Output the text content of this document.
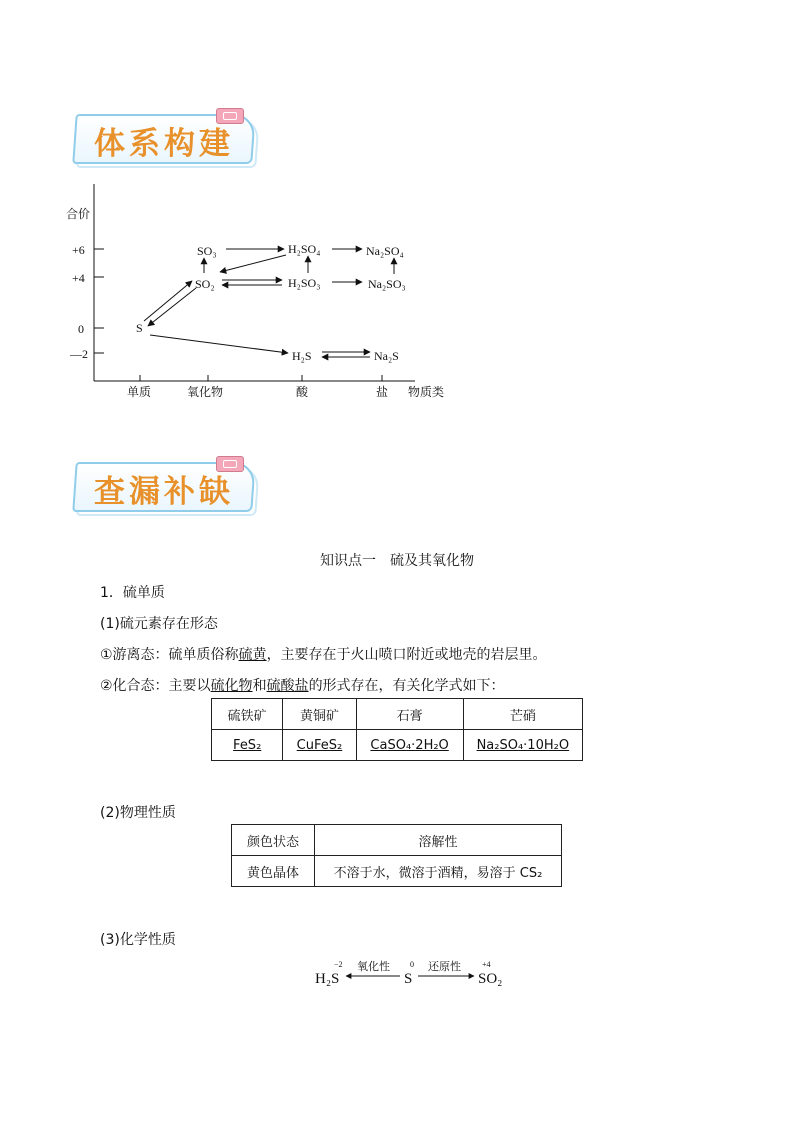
体系构建
合价
+6
+4
0
—2
单质	氧化物	酸	盐 物质类
SO₃	H₂SO₄	Na₂SO₄
SO₂	H₂SO₃	Na₂SO₃
S
H₂S	Na₂S
查漏补缺
知识点一　硫及其氧化物
1．硫单质
(1)硫元素存在形态
①游离态：硫单质俗称硫黄，主要存在于火山喷口附近或地壳的岩层里。
②化合态：主要以硫化物和硫酸盐的形式存在，有关化学式如下：
硫铁矿	黄铜矿	石膏	芒硝
FeS₂	CuFeS₂	CaSO₄·2H₂O	Na₂SO₄·10H₂O
(2)物理性质
颜色状态	溶解性
黄色晶体	不溶于水，微溶于酒精，易溶于 CS₂
(3)化学性质
H₂S
−2
S
0
SO₂
+4
氧化性	还原性
